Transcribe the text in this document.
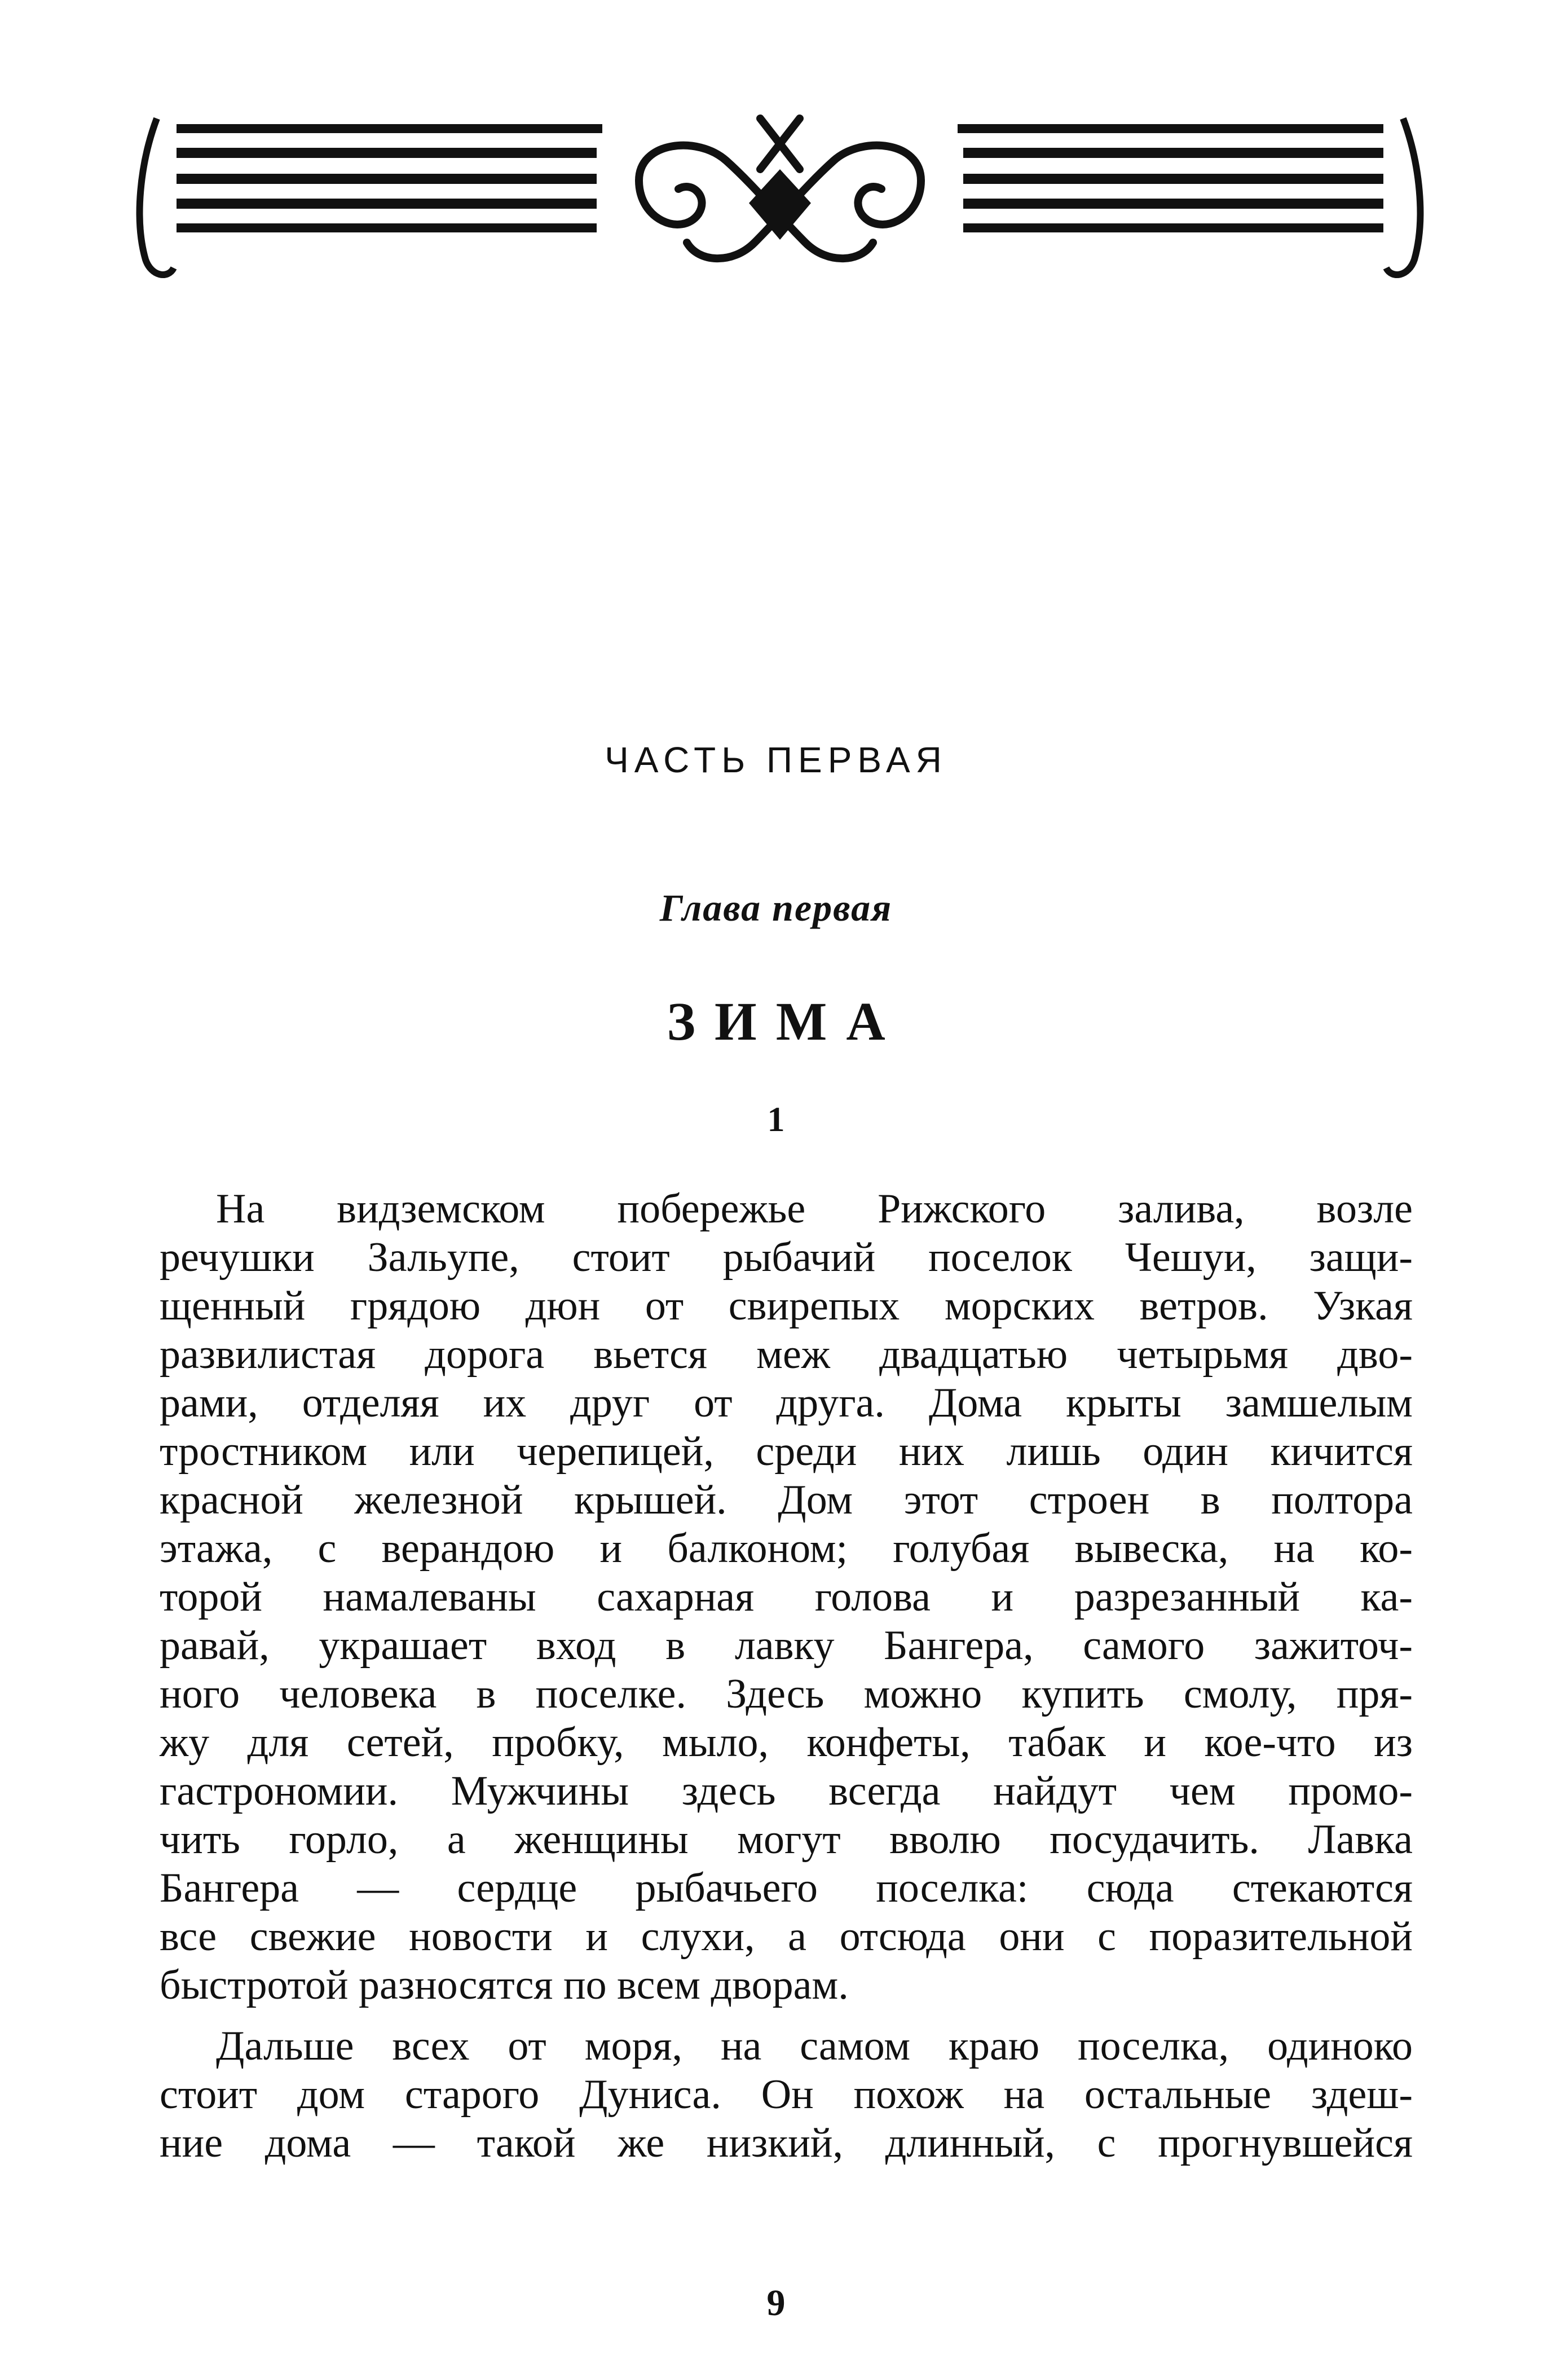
ЧАСТЬ ПЕРВАЯ
Глава первая
ЗИМА
1
На видземском побережье Рижского залива, возле
речушки Зальупе, стоит рыбачий поселок Чешуи, защи-
щенный грядою дюн от свирепых морских ветров. Узкая
развилистая дорога вьется меж двадцатью четырьмя дво-
рами, отделяя их друг от друга. Дома крыты замшелым
тростником или черепицей, среди них лишь один кичится
красной железной крышей. Дом этот строен в полтора
этажа, с верандою и балконом; голубая вывеска, на ко-
торой намалеваны сахарная голова и разрезанный ка-
равай, украшает вход в лавку Бангера, самого зажиточ-
ного человека в поселке. Здесь можно купить смолу, пря-
жу для сетей, пробку, мыло, конфеты, табак и кое-что из
гастрономии. Мужчины здесь всегда найдут чем промо-
чить горло, а женщины могут вволю посудачить. Лавка
Бангера — сердце рыбачьего поселка: сюда стекаются
все свежие новости и слухи, а отсюда они с поразительной
быстротой разносятся по всем дворам.
Дальше всех от моря, на самом краю поселка, одиноко
стоит дом старого Дуниса. Он похож на остальные здеш-
ние дома — такой же низкий, длинный, с прогнувшейся
9
